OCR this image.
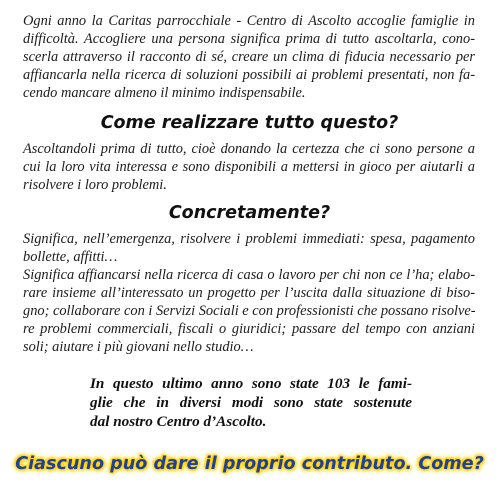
Ogni anno la Caritas parrocchiale - Centro di Ascolto accoglie famiglie in
difficoltà. Accogliere una persona significa prima di tutto ascoltarla, cono-
scerla attraverso il racconto di sé, creare un clima di fiducia necessario per
affiancarla nella ricerca di soluzioni possibili ai problemi presentati, non fa-
cendo mancare almeno il minimo indispensabile.

Come realizzare tutto questo?

Ascoltandoli prima di tutto, cioè donando la certezza che ci sono persone a
cui la loro vita interessa e sono disponibili a mettersi in gioco per aiutarli a
risolvere i loro problemi.

Concretamente?

Significa, nell’emergenza, risolvere i problemi immediati: spesa, pagamento
bollette, affitti…

Significa affiancarsi nella ricerca di casa o lavoro per chi non ce l’ha; elabo-
rare insieme all’interessato un progetto per l’uscita dalla situazione di biso-
gno; collaborare con i Servizi Sociali e con professionisti che possano risolve-
re problemi commerciali, fiscali o giuridici; passare del tempo con anziani
soli; aiutare i più giovani nello studio…

In questo ultimo anno sono state 103 le fami-
glie che in diversi modi sono state sostenute
dal nostro Centro d’Ascolto.

Ciascuno può dare il proprio contributo. Come?
